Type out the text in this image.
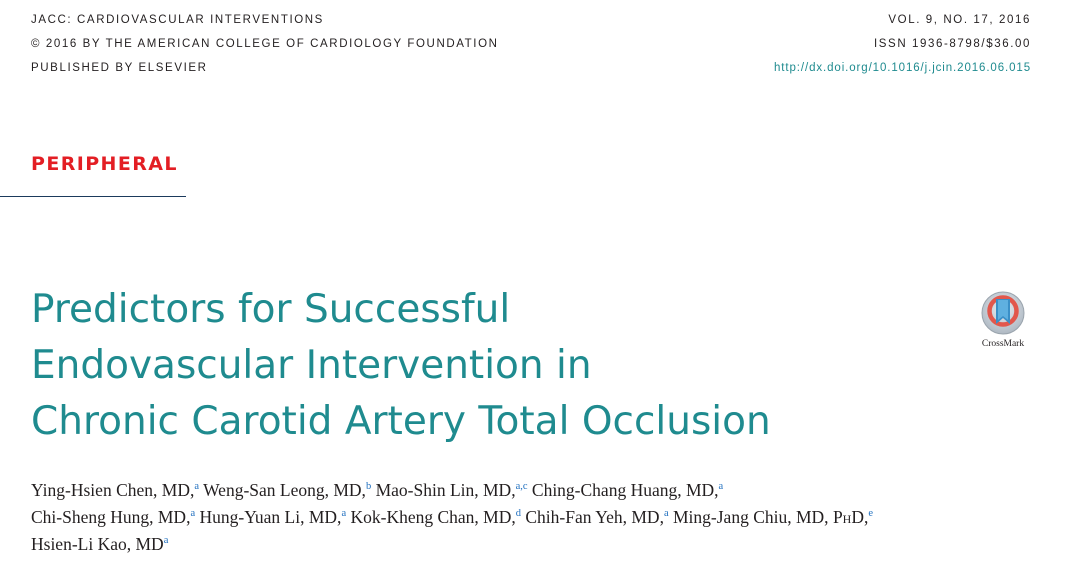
JACC: CARDIOVASCULAR INTERVENTIONS
© 2016 BY THE AMERICAN COLLEGE OF CARDIOLOGY FOUNDATION
PUBLISHED BY ELSEVIER
VOL. 9, NO. 17, 2016
ISSN 1936-8798/$36.00
http://dx.doi.org/10.1016/j.jcin.2016.06.015
PERIPHERAL
Predictors for Successful
Endovascular Intervention in
Chronic Carotid Artery Total Occlusion
CrossMark
Ying-Hsien Chen, MD,$^a$ Weng-San Leong, MD,$^b$ Mao-Shin Lin, MD,$^{a,c}$ Ching-Chang Huang, MD,$^a$
Chi-Sheng Hung, MD,$^a$ Hung-Yuan Li, MD,$^a$ Kok-Kheng Chan, MD,$^d$ Chih-Fan Yeh, MD,$^a$ Ming-Jang Chiu, MD, PhD,$^e$
Hsien-Li Kao, $MD^a$
